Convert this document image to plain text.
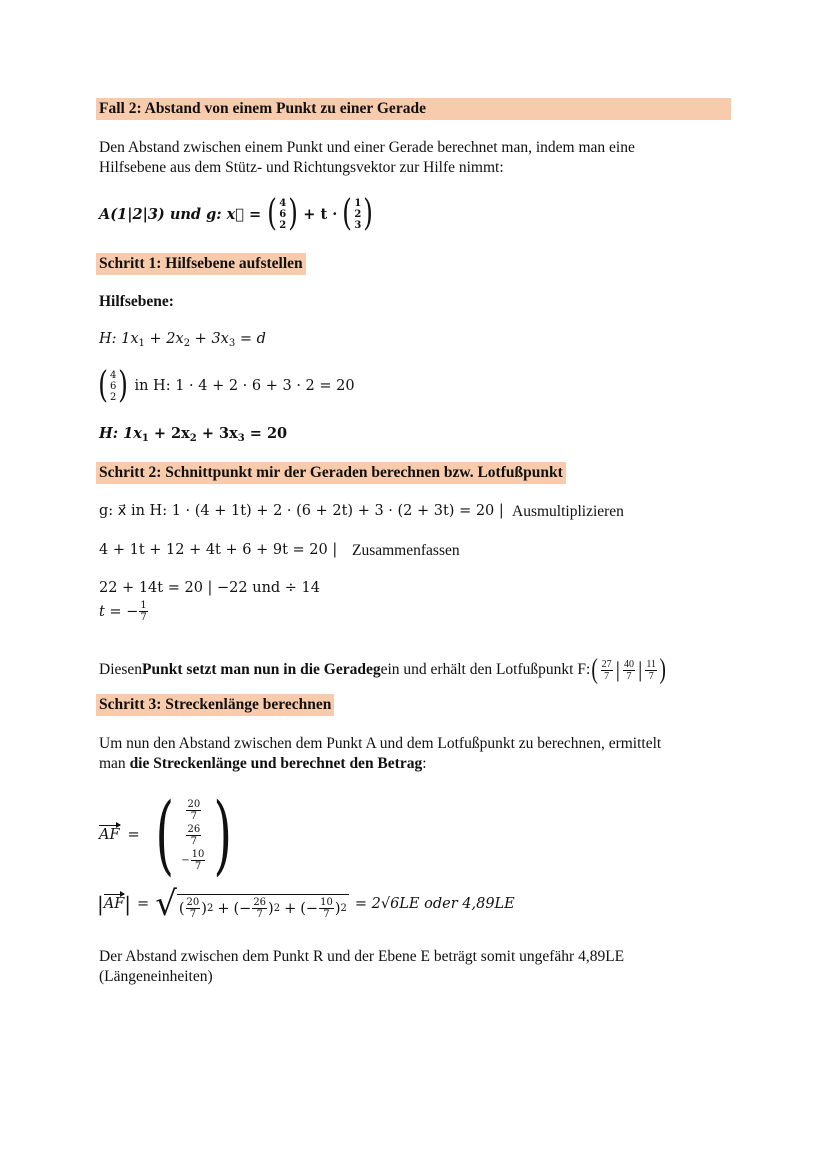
Fall 2: Abstand von einem Punkt zu einer Gerade
Den Abstand zwischen einem Punkt und einer Gerade berechnet man, indem man eine
Hilfsebene aus dem Stütz- und Richtungsvektor zur Hilfe nimmt:
A(1|2|3) und g: x⃗ = ( 4
6
2 ) + t · ( 1
2
3 )
Schritt 1: Hilfsebene aufstellen
Hilfsebene:
H: $1x_1 + 2x_2 + 3x_3 = d$
( 4
6
2 ) in H: 1 · 4 + 2 · 6 + 3 · 2 = 20
H: $1x_1 + 2x_2 + 3x_3 = 20$
Schritt 2: Schnittpunkt mir der Geraden berechnen bzw. Lotfußpunkt
g: x⃗ in H: 1 · (4 + 1t) + 2 · (6 + 2t) + 3 · (2 + 3t) = 20 | Ausmultiplizieren
4 + 1t + 12 + 4t + 6 + 9t = 20 | Zusammenfassen
22 + 14t = 20 | −22 und ÷ 14
t = − $\frac{1}{7}$
Diesen Punkt setzt man nun in die Gerade g ein und erhält den Lotfußpunkt F: ( $\frac{27}{7}$ | $\frac{40}{7}$ | $\frac{11}{7}$ )
Schritt 3: Streckenlänge berechnen
Um nun den Abstand zwischen dem Punkt A und dem Lotfußpunkt zu berechnen, ermittelt
man die Streckenlänge und berechnet den Betrag:
AF = ( $\frac{20}{7}$
$\frac{26}{7}$
− $\frac{10}{7}$ )
| AF | = √ ( $\frac{20}{7}$ ) 2 + ( − $\frac{26}{7}$ ) 2 + ( − $\frac{10}{7}$ ) 2 = 2√6LE oder 4,89LE
Der Abstand zwischen dem Punkt R und der Ebene E beträgt somit ungefähr 4,89LE
(Längeneinheiten)
